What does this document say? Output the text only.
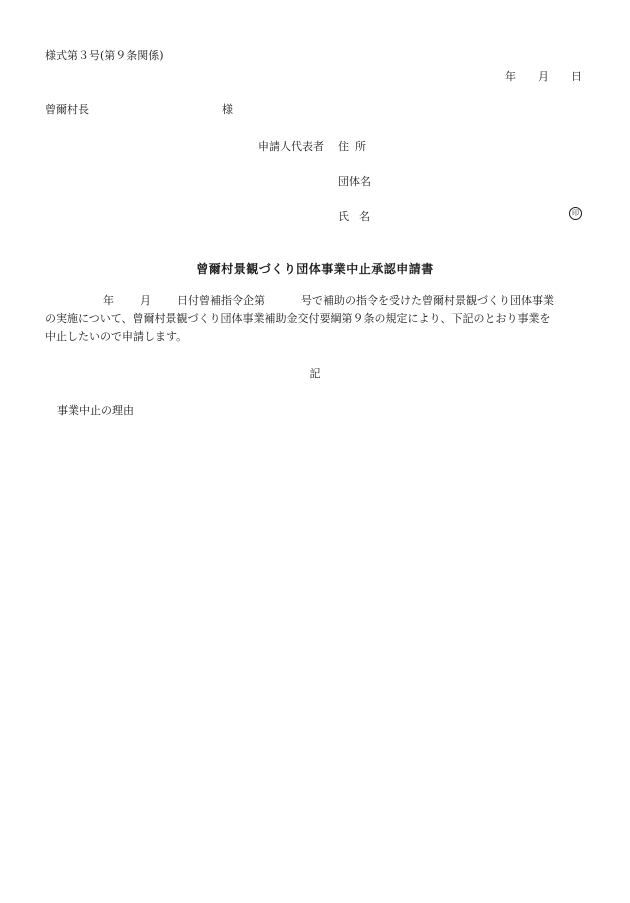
様式第３号(第９条関係)
年 月 日
曾爾村長	様
申請人代表者 住所
団体名
氏名	印
曾爾村景観づくり団体事業中止承認申請書
年 月 日付曾補指令企第	号で補助の指令を受けた曾爾村景観づくり団体事業
の実施について、曾爾村景観づくり団体事業補助金交付要綱第９条の規定により、下記のとおり事業を
中止したいので申請します。
記
事業中止の理由
